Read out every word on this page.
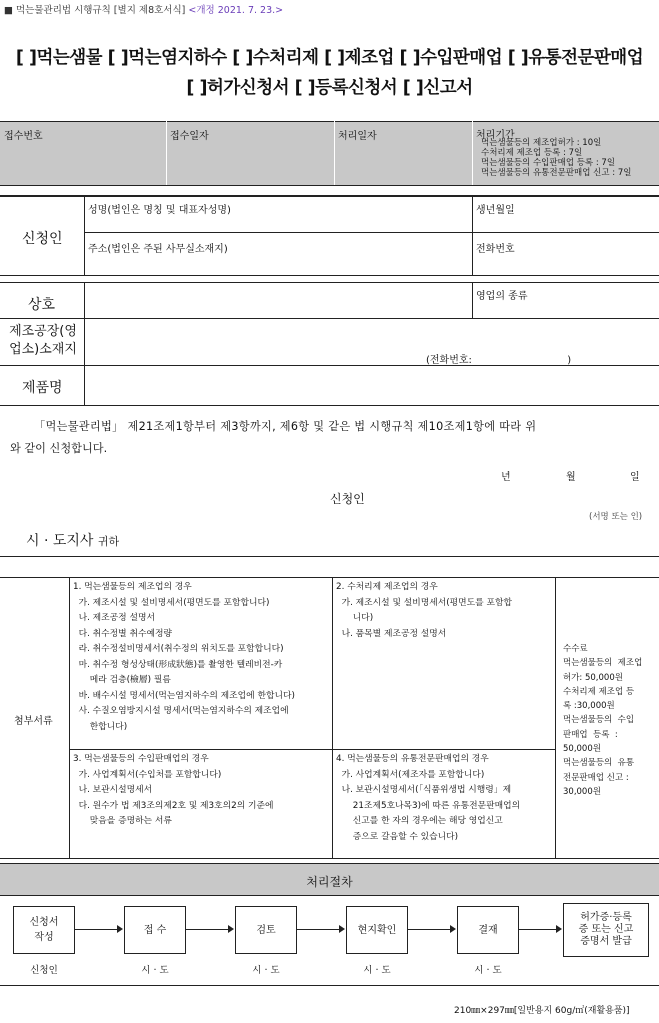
■ 먹는물관리법 시행규칙 [별지 제8호서식] <개정 2021. 7. 23.>
[ ]먹는샘물 [ ]먹는염지하수 [ ]수처리제 [ ]제조업 [ ]수입판매업 [ ]유통전문판매업
[ ]허가신청서 [ ]등록신청서 [ ]신고서
접수번호	접수일자	처리일자	처리기간
먹는샘물등의 제조업허가 : 10일
수처리제 제조업 등록 : 7일
먹는샘물등의 수입판매업 등록 : 7일
먹는샘물등의 유통전문판매업 신고 : 7일
신청인
성명(법인은 명칭 및 대표자성명)	생년월일
주소(법인은 주된 사무실소재지)	전화번호
상호
영업의 종류
제조공장(영업소)소재지
(전화번호:                              )
제품명
「먹는물관리법」 제21조제1항부터 제3항까지, 제6항 및 같은 법 시행규칙 제10조제1항에 따라 위
와 같이 신청합니다.
년	월	일
신청인
(서명 또는 인)
시 · 도지사 귀하
첨부서류
1. 먹는샘물등의 제조업의 경우
가. 제조시설 및 설비명세서(평면도를 포함합니다)
나. 제조공정 설명서
다. 취수정별 취수예정량
라. 취수정설비명세서(취수정의 위치도를 포함합니다)
마. 취수정 형성상태(形成狀態)를 촬영한 텔레비전-카
메라 검층(檢層) 필름
바. 배수시설 명세서(먹는염지하수의 제조업에 한합니다)
사. 수질오염방지시설 명세서(먹는염지하수의 제조업에
한합니다)
2. 수처리제 제조업의 경우
가. 제조시설 및 설비명세서(평면도를 포함합
니다)
나. 품목별 제조공정 설명서
3. 먹는샘물등의 수입판매업의 경우
가. 사업계획서(수입처를 포함합니다)
나. 보관시설명세서
다. 원수가 법 제3조의제2호 및 제3호의2의 기준에
맞음을 증명하는 서류
4. 먹는샘물등의 유통전문판매업의 경우
가. 사업계획서(제조자를 포함합니다)
나. 보관시설명세서(「식품위생법 시행령」제
21조제5호나목3)에 따른 유통전문판매업의
신고를 한 자의 경우에는 해당 영업신고
증으로 갈음할 수 있습니다)
수수료
먹는샘물등의  제조업
허가: 50,000원
수처리제 제조업 등
록 :30,000원
먹는샘물등의  수입
판매업  등록  :
50,000원
먹는샘물등의  유통
전문판매업 신고 :
30,000원
처리절차
신청서
작성
접 수	검토	현지확인	결재
허가증·등록
증 또는 신고
증명서 발급
신청인	시 · 도	시 · 도	시 · 도	시 · 도
210㎜×297㎜[일반용지 60g/㎡(재활용품)]
